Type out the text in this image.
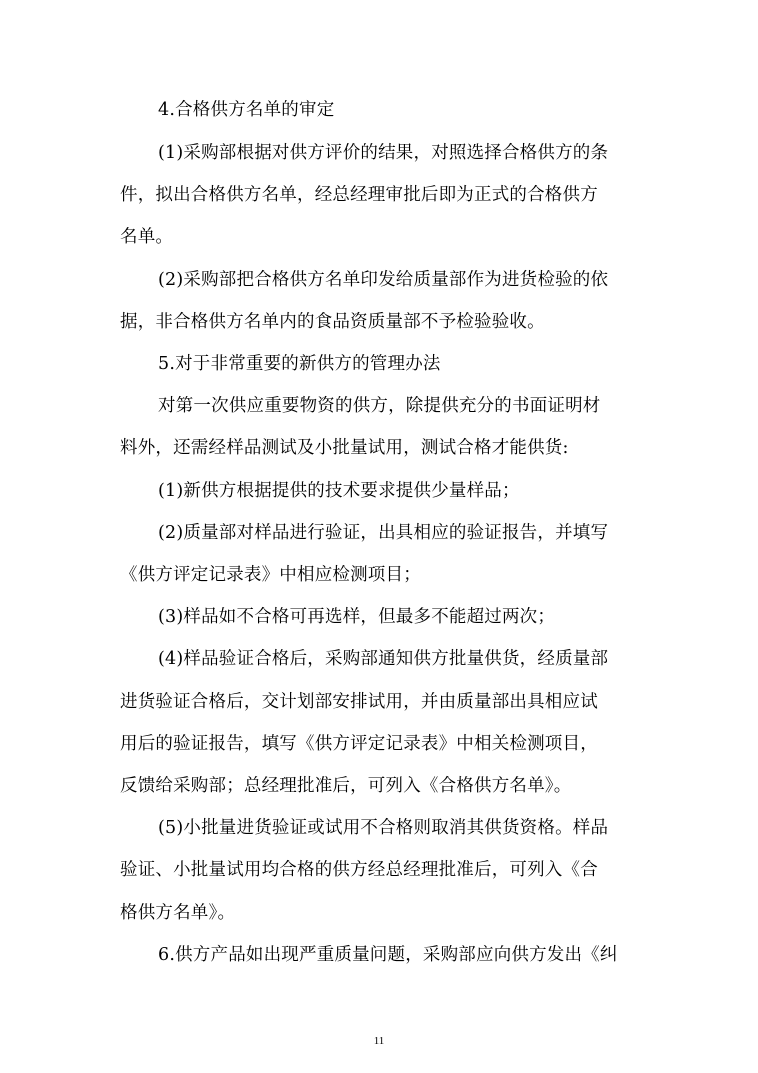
4.合格供方名单的审定
(1)采购部根据对供方评价的结果，对照选择合格供方的条
件，拟出合格供方名单，经总经理审批后即为正式的合格供方
名单。
(2)采购部把合格供方名单印发给质量部作为进货检验的依
据，非合格供方名单内的食品资质量部不予检验验收。
5.对于非常重要的新供方的管理办法
对第一次供应重要物资的供方，除提供充分的书面证明材
料外，还需经样品测试及小批量试用，测试合格才能供货:
(1)新供方根据提供的技术要求提供少量样品；
(2)质量部对样品进行验证，出具相应的验证报告，并填写
《供方评定记录表》中相应检测项目；
(3)样品如不合格可再选样，但最多不能超过两次；
(4)样品验证合格后，采购部通知供方批量供货，经质量部
进货验证合格后，交计划部安排试用，并由质量部出具相应试
用后的验证报告，填写《供方评定记录表》中相关检测项目，
反馈给采购部；总经理批准后，可列入《合格供方名单》。
(5)小批量进货验证或试用不合格则取消其供货资格。样品
验证、小批量试用均合格的供方经总经理批准后，可列入《合
格供方名单》。
6.供方产品如出现严重质量问题，采购部应向供方发出《纠
11
